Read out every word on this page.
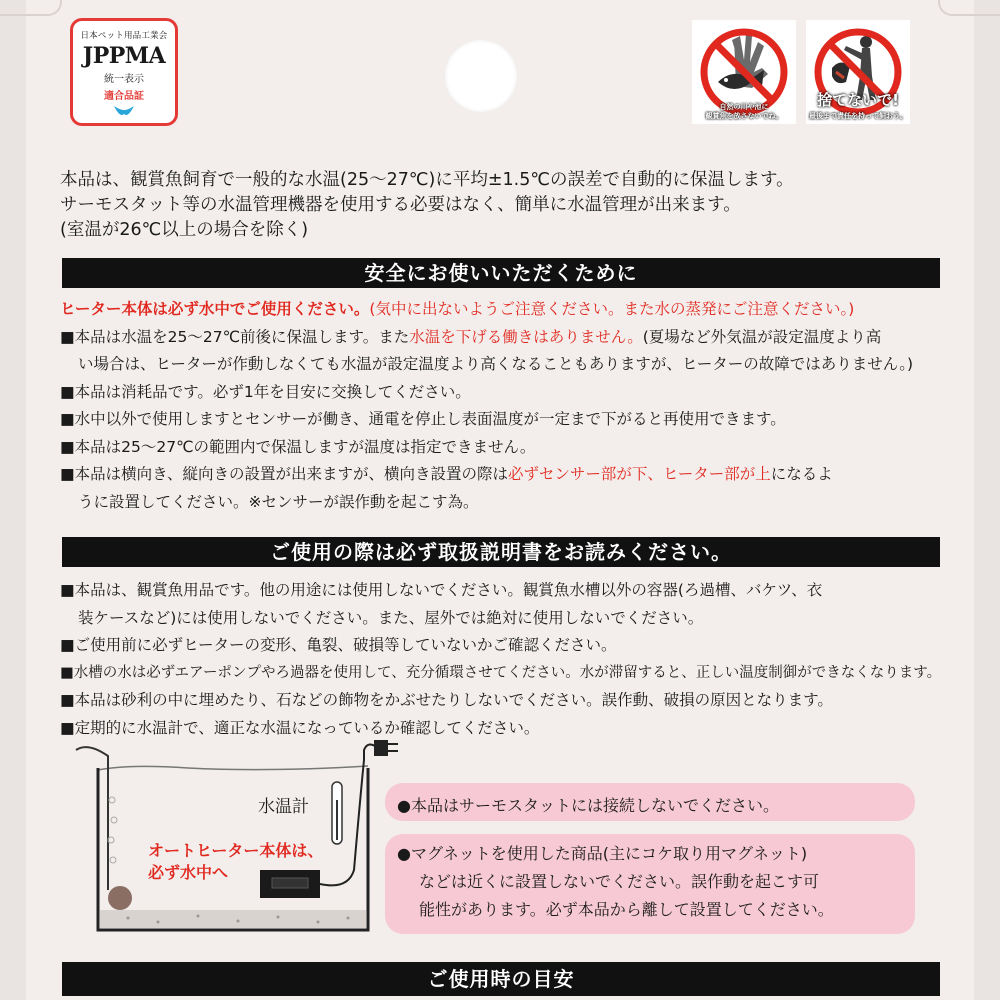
日本ペット用品工業会
JPPMA
統一表示
適合品証
自然の川や池に
観賞魚を放さないでね。
捨てないで!
最後まで責任を持って飼おう。
本品は、観賞魚飼育で一般的な水温(25〜27℃)に平均±1.5℃の誤差で自動的に保温します。
サーモスタット等の水温管理機器を使用する必要はなく、簡単に水温管理が出来ます。
(室温が26℃以上の場合を除く)
安全にお使いいただくために
ヒーター本体は必ず水中でご使用ください。(気中に出ないようご注意ください。また水の蒸発にご注意ください。)
■本品は水温を25〜27℃前後に保温します。また水温を下げる働きはありません。(夏場など外気温が設定温度より高
い場合は、ヒーターが作動しなくても水温が設定温度より高くなることもありますが、ヒーターの故障ではありません。)
■本品は消耗品です。必ず1年を目安に交換してください。
■水中以外で使用しますとセンサーが働き、通電を停止し表面温度が一定まで下がると再使用できます。
■本品は25〜27℃の範囲内で保温しますが温度は指定できません。
■本品は横向き、縦向きの設置が出来ますが、横向き設置の際は必ずセンサー部が下、ヒーター部が上になるよ
うに設置してください。※センサーが誤作動を起こす為。
ご使用の際は必ず取扱説明書をお読みください。
■本品は、観賞魚用品です。他の用途には使用しないでください。観賞魚水槽以外の容器(ろ過槽、バケツ、衣
装ケースなど)には使用しないでください。また、屋外では絶対に使用しないでください。
■ご使用前に必ずヒーターの変形、亀裂、破損等していないかご確認ください。
■水槽の水は必ずエアーポンプやろ過器を使用して、充分循環させてください。水が滞留すると、正しい温度制御ができなくなります。
■本品は砂利の中に埋めたり、石などの飾物をかぶせたりしないでください。誤作動、破損の原因となります。
■定期的に水温計で、適正な水温になっているか確認してください。
水温計
オートヒーター本体は、
必ず水中へ
●本品はサーモスタットには接続しないでください。
●マグネットを使用した商品(主にコケ取り用マグネット)
などは近くに設置しないでください。誤作動を起こす可
能性があります。必ず本品から離して設置してください。
ご使用時の目安
